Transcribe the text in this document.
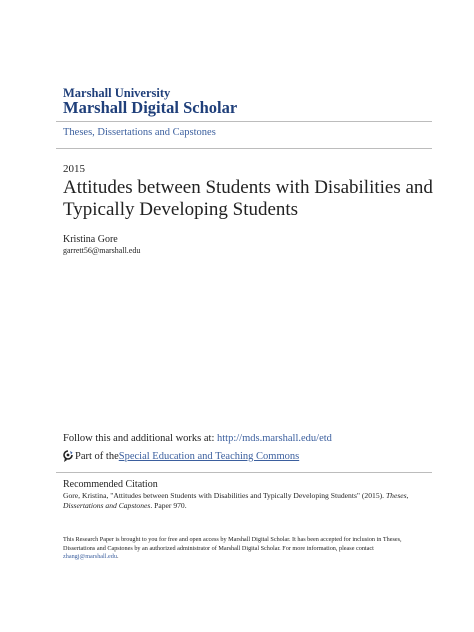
Marshall University
Marshall Digital Scholar
Theses, Dissertations and Capstones
2015
Attitudes between Students with Disabilities and
Typically Developing Students
Kristina Gore
garrett56@marshall.edu
Follow this and additional works at: http://mds.marshall.edu/etd
Part of the Special Education and Teaching Commons
Recommended Citation
Gore, Kristina, "Attitudes between Students with Disabilities and Typically Developing Students" (2015). Theses, Dissertations and Capstones. Paper 970.
This Research Paper is brought to you for free and open access by Marshall Digital Scholar. It has been accepted for inclusion in Theses, Dissertations and Capstones by an authorized administrator of Marshall Digital Scholar. For more information, please contact zhangj@marshall.edu.
